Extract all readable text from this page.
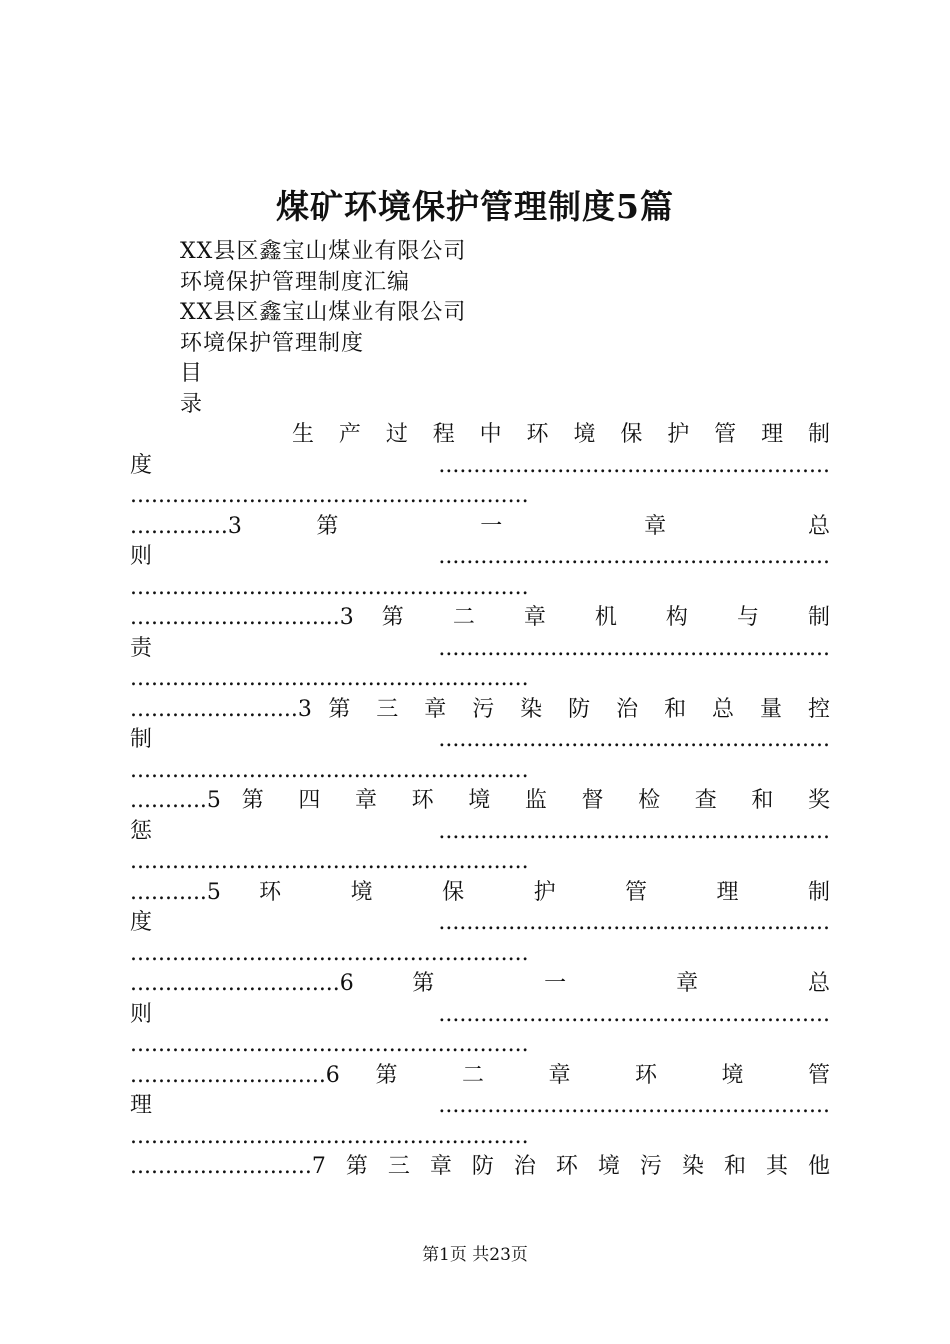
煤矿环境保护管理制度5篇
XX县区鑫宝山煤业有限公司
环境保护管理制度汇编
XX县区鑫宝山煤业有限公司
环境保护管理制度
目
录
生 产 过 程 中 环 境 保 护 管 理 制
度........................................................
.........................................................
..............3 第 一 章 总
则........................................................
.........................................................
..............................3 第 二 章 机 构 与 制
责........................................................
.........................................................
........................3 第 三 章 污 染 防 治 和 总 量 控
制........................................................
.........................................................
...........5 第 四 章 环 境 监 督 检 查 和 奖
惩........................................................
.........................................................
...........5 环 境 保 护 管 理 制
度........................................................
.........................................................
..............................6 第 一 章 总
则........................................................
.........................................................
............................6 第 二 章 环 境 管
理........................................................
.........................................................
..........................7第三章防治环境污染和其他
第1页 共23页
